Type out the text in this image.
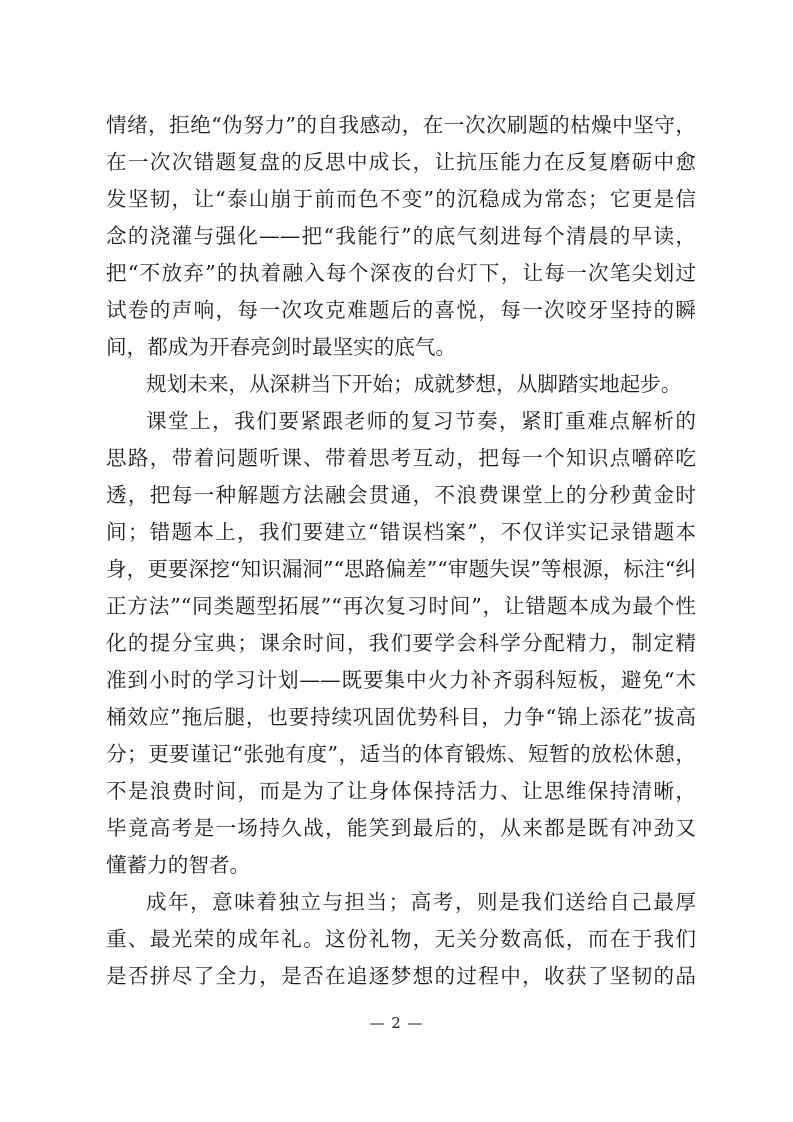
情绪，拒绝“伪努力”的自我感动，在一次次刷题的枯燥中坚守，
在一次次错题复盘的反思中成长，让抗压能力在反复磨砺中愈
发坚韧，让“泰山崩于前而色不变”的沉稳成为常态；它更是信
念的浇灌与强化——把“我能行”的底气刻进每个清晨的早读，
把“不放弃”的执着融入每个深夜的台灯下，让每一次笔尖划过
试卷的声响，每一次攻克难题后的喜悦，每一次咬牙坚持的瞬
间，都成为开春亮剑时最坚实的底气。
规划未来，从深耕当下开始；成就梦想，从脚踏实地起步。
课堂上，我们要紧跟老师的复习节奏，紧盯重难点解析的
思路，带着问题听课、带着思考互动，把每一个知识点嚼碎吃
透，把每一种解题方法融会贯通，不浪费课堂上的分秒黄金时
间；错题本上，我们要建立“错误档案”，不仅详实记录错题本
身，更要深挖“知识漏洞”“思路偏差”“审题失误”等根源，标注“纠
正方法”“同类题型拓展”“再次复习时间”，让错题本成为最个性
化的提分宝典；课余时间，我们要学会科学分配精力，制定精
准到小时的学习计划——既要集中火力补齐弱科短板，避免“木
桶效应”拖后腿，也要持续巩固优势科目，力争“锦上添花”拔高
分；更要谨记“张弛有度”，适当的体育锻炼、短暂的放松休憩，
不是浪费时间，而是为了让身体保持活力、让思维保持清晰，
毕竟高考是一场持久战，能笑到最后的，从来都是既有冲劲又
懂蓄力的智者。
成年，意味着独立与担当；高考，则是我们送给自己最厚
重、最光荣的成年礼。这份礼物，无关分数高低，而在于我们
是否拼尽了全力，是否在追逐梦想的过程中，收获了坚韧的品
— 2 —
